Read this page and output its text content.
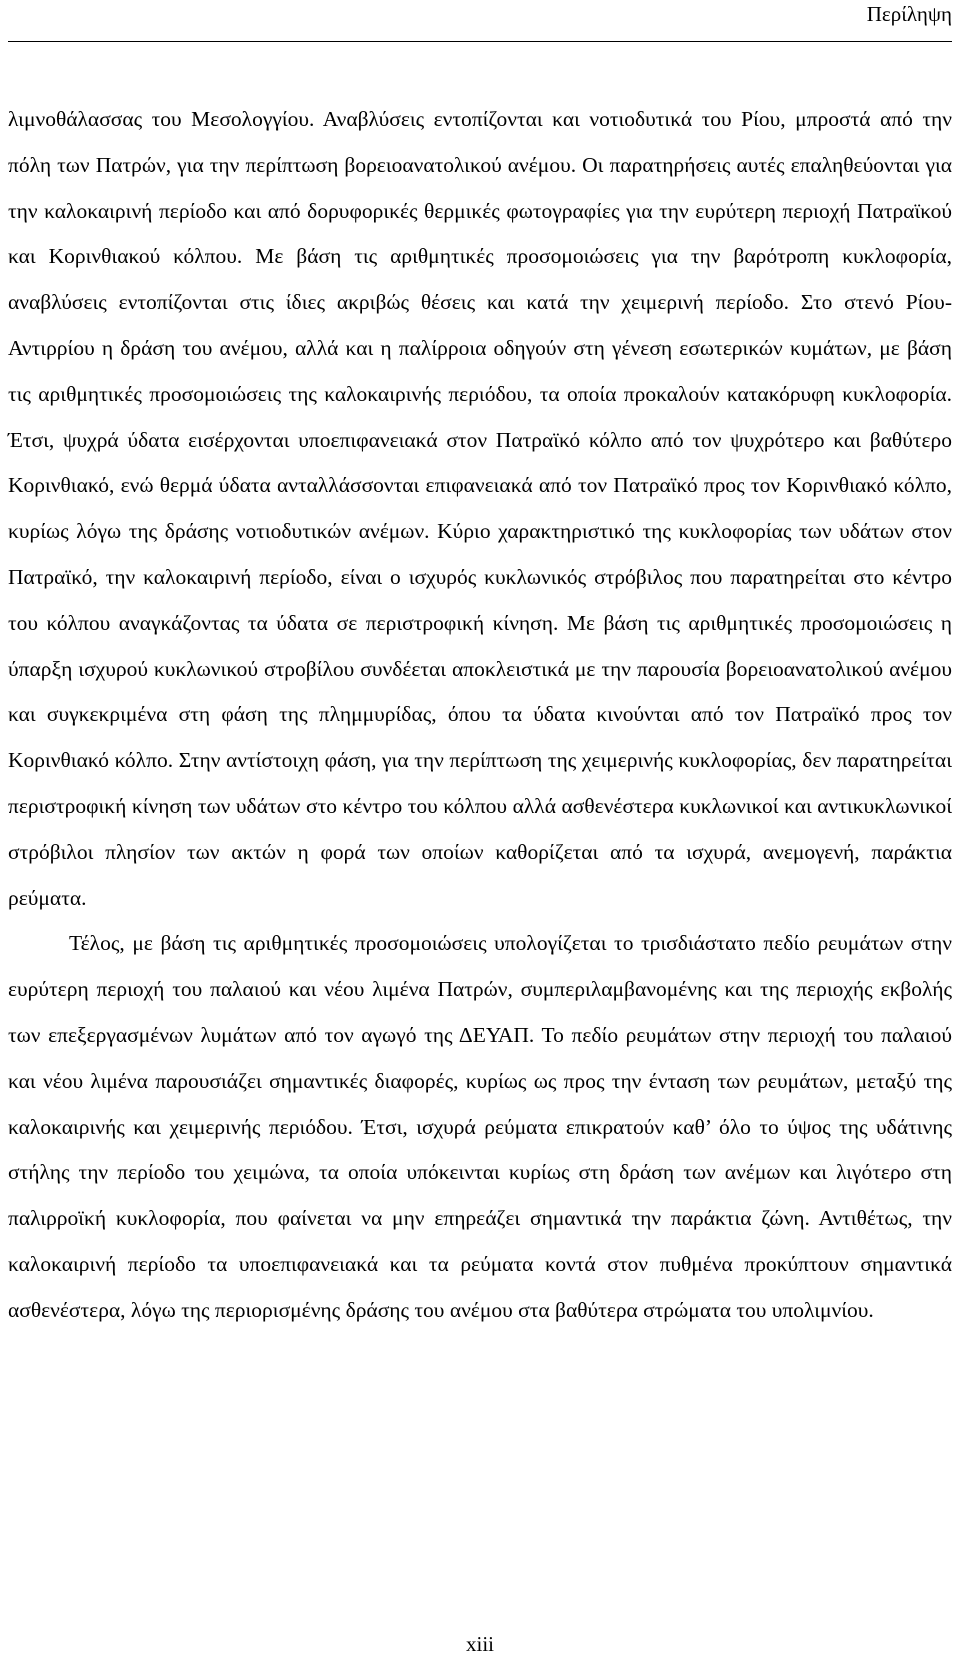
Περίληψη

λιμνοθάλασσας του Μεσολογγίου. Αναβλύσεις εντοπίζονται και νοτιοδυτικά του Ρίου, μπροστά από την πόλη των Πατρών, για την περίπτωση βορειοανατολικού ανέμου. Οι παρατηρήσεις αυτές επαληθεύονται για την καλοκαιρινή περίοδο και από δορυφορικές θερμικές φωτογραφίες για την ευρύτερη περιοχή Πατραϊκού και Κορινθιακού κόλπου. Με βάση τις αριθμητικές προσομοιώσεις για την βαρότροπη κυκλοφορία, αναβλύσεις εντοπίζονται στις ίδιες ακριβώς θέσεις και κατά την χειμερινή περίοδο. Στο στενό Ρίου-Αντιρρίου η δράση του ανέμου, αλλά και η παλίρροια οδηγούν στη γένεση εσωτερικών κυμάτων, με βάση τις αριθμητικές προσομοιώσεις της καλοκαιρινής περιόδου, τα οποία προκαλούν κατακόρυφη κυκλοφορία. Έτσι, ψυχρά ύδατα εισέρχονται υποεπιφανειακά στον Πατραϊκό κόλπο από τον ψυχρότερο και βαθύτερο Κορινθιακό, ενώ θερμά ύδατα ανταλλάσσονται επιφανειακά από τον Πατραϊκό προς τον Κορινθιακό κόλπο, κυρίως λόγω της δράσης νοτιοδυτικών ανέμων. Κύριο χαρακτηριστικό της κυκλοφορίας των υδάτων στον Πατραϊκό, την καλοκαιρινή περίοδο, είναι ο ισχυρός κυκλωνικός στρόβιλος που παρατηρείται στο κέντρο του κόλπου αναγκάζοντας τα ύδατα σε περιστροφική κίνηση. Με βάση τις αριθμητικές προσομοιώσεις η ύπαρξη ισχυρού κυκλωνικού στροβίλου συνδέεται αποκλειστικά με την παρουσία βορειοανατολικού ανέμου και συγκεκριμένα στη φάση της πλημμυρίδας, όπου τα ύδατα κινούνται από τον Πατραϊκό προς τον Κορινθιακό κόλπο. Στην αντίστοιχη φάση, για την περίπτωση της χειμερινής κυκλοφορίας, δεν παρατηρείται περιστροφική κίνηση των υδάτων στο κέντρο του κόλπου αλλά ασθενέστερα κυκλωνικοί και αντικυκλωνικοί στρόβιλοι πλησίον των ακτών η φορά των οποίων καθορίζεται από τα ισχυρά, ανεμογενή, παράκτια ρεύματα.

Τέλος, με βάση τις αριθμητικές προσομοιώσεις υπολογίζεται το τρισδιάστατο πεδίο ρευμάτων στην ευρύτερη περιοχή του παλαιού και νέου λιμένα Πατρών, συμπεριλαμβανομένης και της περιοχής εκβολής των επεξεργασμένων λυμάτων από τον αγωγό της ΔΕΥΑΠ. Το πεδίο ρευμάτων στην περιοχή του παλαιού και νέου λιμένα παρουσιάζει σημαντικές διαφορές, κυρίως ως προς την ένταση των ρευμάτων, μεταξύ της καλοκαιρινής και χειμερινής περιόδου. Έτσι, ισχυρά ρεύματα επικρατούν καθ’ όλο το ύψος της υδάτινης στήλης την περίοδο του χειμώνα, τα οποία υπόκεινται κυρίως στη δράση των ανέμων και λιγότερο στη παλιρροϊκή κυκλοφορία, που φαίνεται να μην επηρεάζει σημαντικά την παράκτια ζώνη. Αντιθέτως, την καλοκαιρινή περίοδο τα υποεπιφανειακά και τα ρεύματα κοντά στον πυθμένα προκύπτουν σημαντικά ασθενέστερα, λόγω της περιορισμένης δράσης του ανέμου στα βαθύτερα στρώματα του υπολιμνίου.

xiii
